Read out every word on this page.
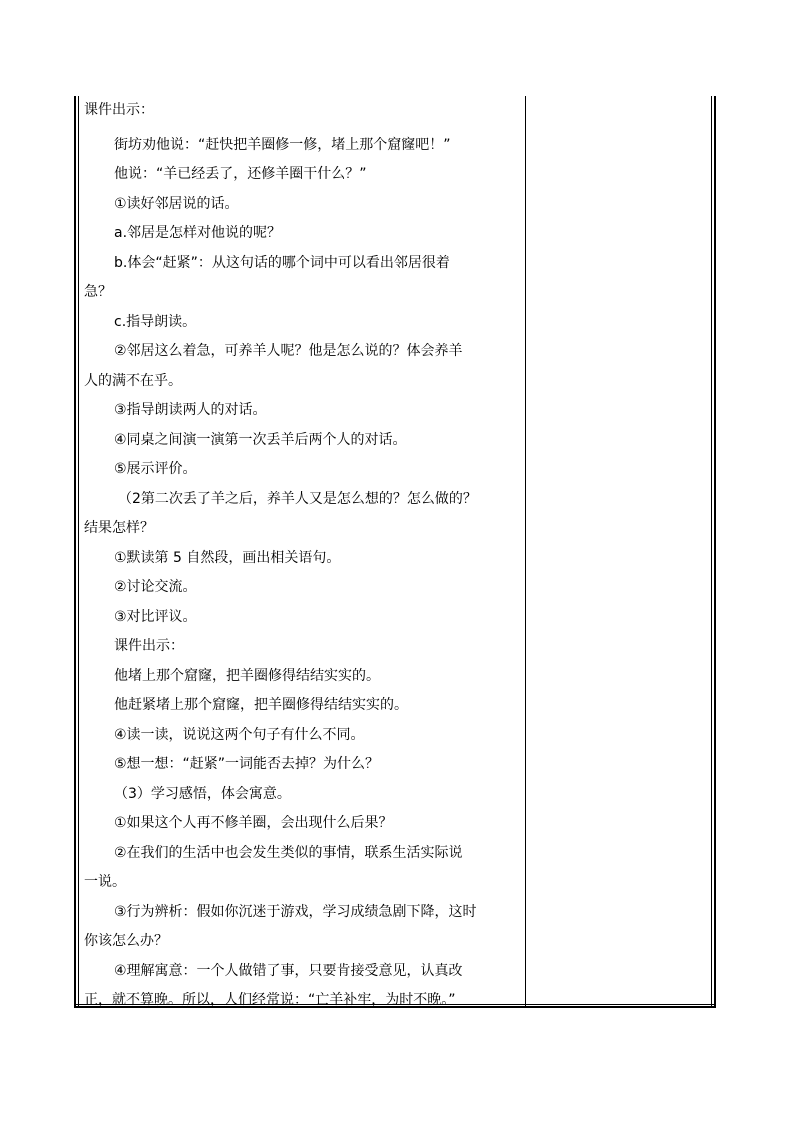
课件出示：
街坊劝他说：“赶快把羊圈修一修，堵上那个窟窿吧！”
他说：“羊已经丢了，还修羊圈干什么？”
①读好邻居说的话。
a.邻居是怎样对他说的呢？
b.体会“赶紧”：从这句话的哪个词中可以看出邻居很着
急？
c.指导朗读。
②邻居这么着急，可养羊人呢？他是怎么说的？体会养羊
人的满不在乎。
③指导朗读两人的对话。
④同桌之间演一演第一次丢羊后两个人的对话。
⑤展示评价。
（2第二次丢了羊之后，养羊人又是怎么想的？怎么做的？
结果怎样？
①默读第 5 自然段，画出相关语句。
②讨论交流。
③对比评议。
课件出示：
他堵上那个窟窿，把羊圈修得结结实实的。
他赶紧堵上那个窟窿，把羊圈修得结结实实的。
④读一读，说说这两个句子有什么不同。
⑤想一想：“赶紧”一词能否去掉？为什么？
（3）学习感悟，体会寓意。
①如果这个人再不修羊圈，会出现什么后果？
②在我们的生活中也会发生类似的事情，联系生活实际说
一说。
③行为辨析：假如你沉迷于游戏，学习成绩急剧下降，这时
你该怎么办？
④理解寓意：一个人做错了事，只要肯接受意见，认真改
正，就不算晚。所以，人们经常说：“亡羊补牢，为时不晚。”
